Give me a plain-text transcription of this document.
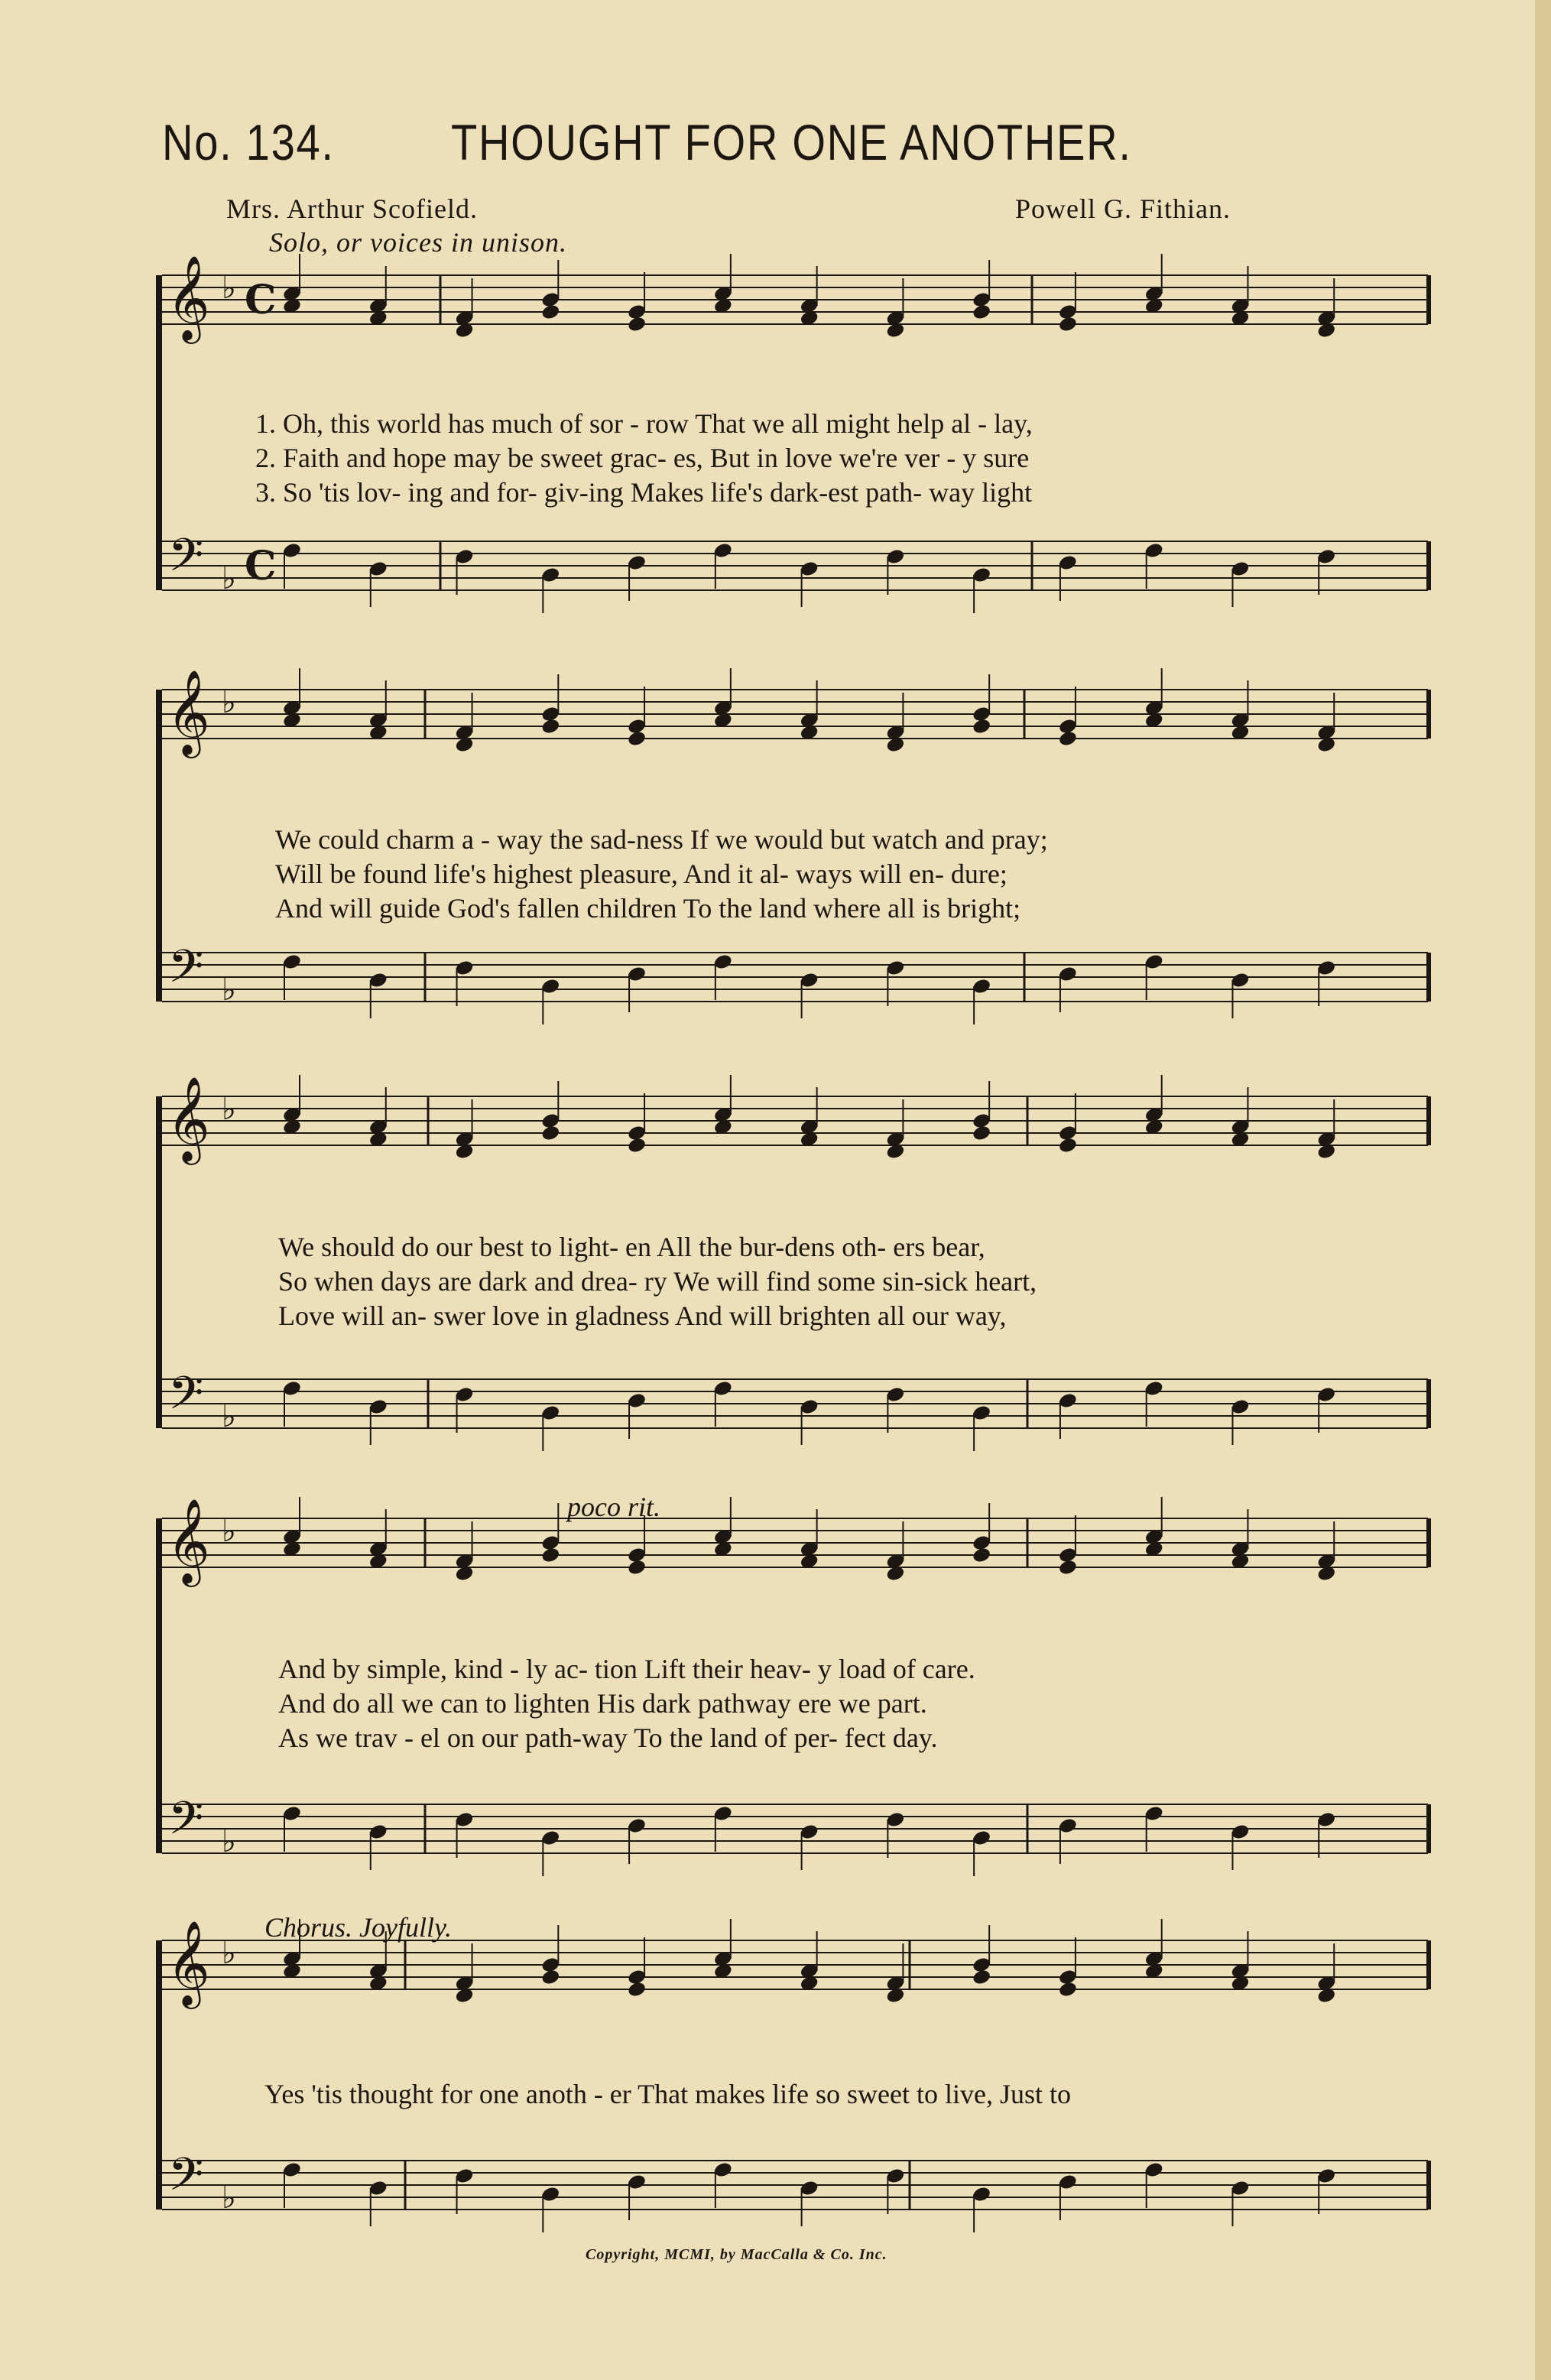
No. 134. THOUGHT FOR ONE ANOTHER.
Mrs. Arthur Scofield.	Powell G. Fithian.
Solo, or voices in unison.
poco rit.
Chorus. Joyfully.
1. Oh, this world has much of sor - row That we all might help al - lay,
2. Faith and hope may be sweet grac- es, But in love we're ver - y sure
3. So 'tis lov- ing and for- giv-ing Makes life's dark-est path- way light
We could charm a - way the sad-ness If we would but watch and pray;
Will be found life's highest pleasure, And it al- ways will en- dure;
And will guide God's fallen children To the land where all is bright;
We should do our best to light- en All the bur-dens oth- ers bear,
So when days are dark and drea- ry We will find some sin-sick heart,
Love will an- swer love in gladness And will brighten all our way,
And by simple, kind - ly ac- tion Lift their heav- y load of care.
And do all we can to lighten His dark pathway ere we part.
As we trav - el on our path-way To the land of per- fect day.
Yes 'tis thought for one anoth - er That makes life so sweet to live, Just to
Copyright, MCMI, by MacCalla & Co. Inc.
𝄞
𝄢
♭
♭
C
C
𝄞
𝄢
♭
♭
𝄞
𝄢
♭
♭
𝄞
𝄢
♭
♭
𝄞
𝄢
♭
♭
